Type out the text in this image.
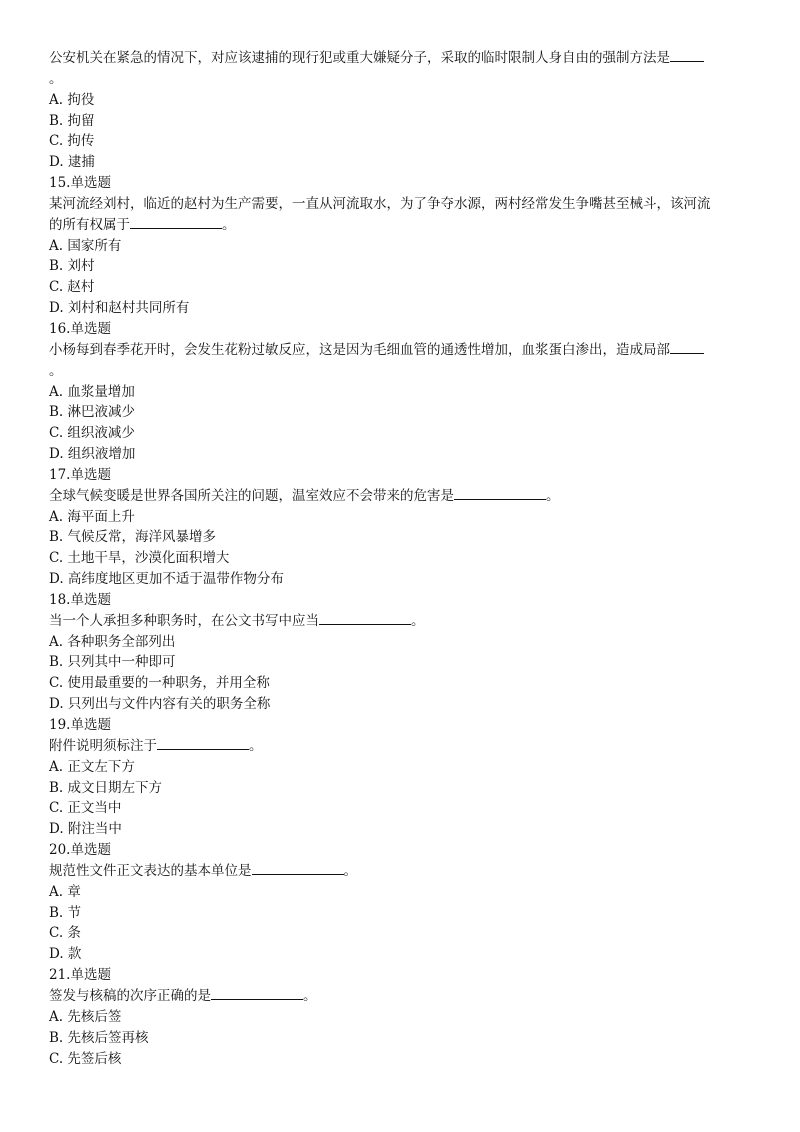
公安机关在紧急的情况下，对应该逮捕的现行犯或重大嫌疑分子，采取的临时限制人身自由的强制方法是
。
A. 拘役
B. 拘留
C. 拘传
D. 逮捕
15.单选题
某河流经刘村，临近的赵村为生产需要，一直从河流取水，为了争夺水源，两村经常发生争嘴甚至械斗，该河流
的所有权属于	。
A. 国家所有
B. 刘村
C. 赵村
D. 刘村和赵村共同所有
16.单选题
小杨每到春季花开时，会发生花粉过敏反应，这是因为毛细血管的通透性增加，血浆蛋白渗出，造成局部
。
A. 血浆量增加
B. 淋巴液减少
C. 组织液减少
D. 组织液增加
17.单选题
全球气候变暖是世界各国所关注的问题，温室效应不会带来的危害是	。
A. 海平面上升
B. 气候反常，海洋风暴增多
C. 土地干旱，沙漠化面积增大
D. 高纬度地区更加不适于温带作物分布
18.单选题
当一个人承担多种职务时，在公文书写中应当	。
A. 各种职务全部列出
B. 只列其中一种即可
C. 使用最重要的一种职务，并用全称
D. 只列出与文件内容有关的职务全称
19.单选题
附件说明须标注于	。
A. 正文左下方
B. 成文日期左下方
C. 正文当中
D. 附注当中
20.单选题
规范性文件正文表达的基本单位是	。
A. 章
B. 节
C. 条
D. 款
21.单选题
签发与核稿的次序正确的是	。
A. 先核后签
B. 先核后签再核
C. 先签后核
